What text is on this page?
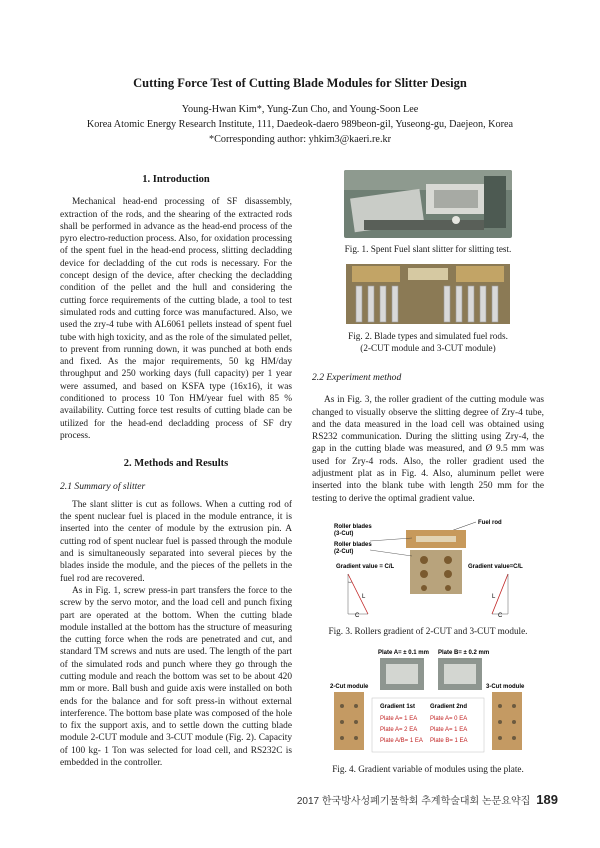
Cutting Force Test of Cutting Blade Modules for Slitter Design
Young-Hwan Kim*, Yung-Zun Cho, and Young-Soon Lee
Korea Atomic Energy Research Institute, 111, Daedeok-daero 989beon-gil, Yuseong-gu, Daejeon, Korea
*Corresponding author: yhkim3@kaeri.re.kr
1. Introduction

Mechanical head-end processing of SF disassembly, extraction of the rods, and the shearing of the extracted rods shall be performed in advance as the head-end process of the pyro electro-reduction process. Also, for oxidation processing of the spent fuel in the head-end process, slitting decladding device for decladding of the cut rods is necessary. For the concept design of the device, after checking the decladding condition of the pellet and the hull and considering the cutting force requirements of the cutting blade, a tool to test simulated rods and cutting force was manufactured. Also, we used the zry-4 tube with AL6061 pellets instead of spent fuel tube with high toxicity, and as the role of the simulated pellet, to prevent from running down, it was punched at both ends and fixed. As the major requirements, 50 kg HM/day throughput and 250 working days (full capacity) per 1 year were assumed, and based on KSFA type (16x16), it was conditioned to process 10 Ton HM/year fuel with 85 % availability. Cutting force test results of cutting blade can be utilized for the head-end decladding process of SF dry process.

2. Methods and Results
2.1 Summary of slitter

The slant slitter is cut as follows. When a cutting rod of the spent nuclear fuel is placed in the module entrance, it is inserted into the center of module by the extrusion pin. A cutting rod of spent nuclear fuel is passed through the module and is simultaneously separated into several pieces by the blades inside the module, and the pieces of the pellets in the fuel rod are recovered.

As in Fig. 1, screw press-in part transfers the force to the screw by the servo motor, and the load cell and punch fixing part are operated at the bottom. When the cutting blade module installed at the bottom has the structure of measuring the cutting force when the rods are penetrated and cut, and standard TM screws and nuts are used. The length of the part of the simulated rods and punch where they go through the cutting module and reach the bottom was set to be about 420 mm or more. Ball bush and guide axis were installed on both ends for the balance and for soft press-in without external interference. The bottom base plate was composed of the hole to fix the support axis, and to settle down the cutting blade module 2-CUT module and 3-CUT module (Fig. 2). Capacity of 100 kg- 1 Ton was selected for load cell, and RS232C is embedded in the controller.

Fig. 1. Spent Fuel slant slitter for slitting test.
Fig. 2. Blade types and simulated fuel rods.
(2-CUT module and 3-CUT module)
2.2 Experiment method

As in Fig. 3, the roller gradient of the cutting module was changed to visually observe the slitting degree of Zry-4 tube, and the data measured in the load cell was obtained using RS232 communication. During the slitting using Zry-4, the gap in the cutting blade was measured, and Ø 9.5 mm was used for Zry-4 rods. Also, the roller gradient used the adjustment plat as in Fig. 4. Also, aluminum pellet were inserted into the blank tube with length 250 mm for the testing to derive the optimal gradient value.

Roller blades
(3-Cut)
Roller blades
(2-Cut)
Fuel rod
Gradient value = C/L	Gradient value=C/L
L
C
L
C
Fig. 3. Rollers gradient of 2-CUT and 3-CUT module.
Plate A= ± 0.1 mm Plate B= ± 0.2 mm
2-Cut module	3-Cut module
Gradient 1st Gradient 2nd
Plate A= 1 EA
Plate A= 2 EA
Plate A/B= 1 EA
Plate A= 0 EA
Plate A= 1 EA
Plate B= 1 EA
Fig. 4. Gradient variable of modules using the plate.
2017 한국방사성폐기물학회 추계학술대회 논문요약집 189
